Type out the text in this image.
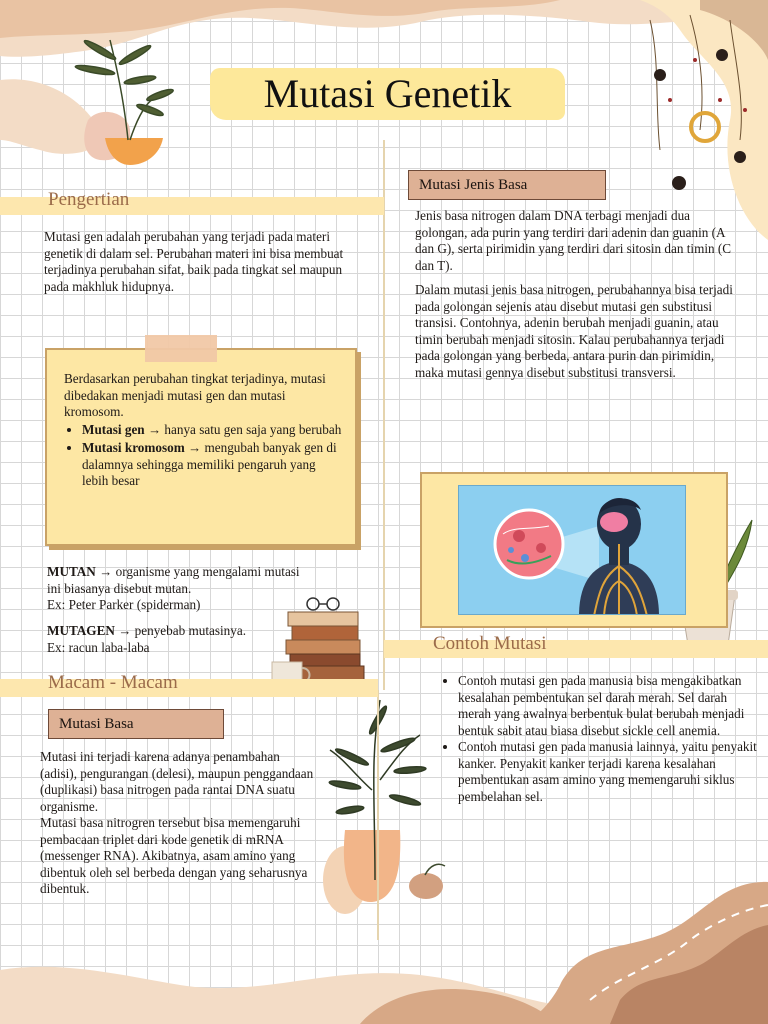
Mutasi Genetik
Pengertian

Mutasi gen adalah perubahan yang terjadi pada materi genetik di dalam sel. Perubahan materi ini bisa membuat terjadinya perubahan sifat, baik pada tingkat sel maupun pada makhluk hidupnya.

Berdasarkan perubahan tingkat terjadinya, mutasi dibedakan menjadi mutasi gen dan mutasi kromosom.

• Mutasi gen → hanya satu gen saja yang berubah
• Mutasi kromosom → mengubah banyak gen di dalamnya sehingga memiliki pengaruh yang lebih besar

MUTAN → organisme yang mengalami mutasi ini biasanya disebut mutan.

Ex: Peter Parker (spiderman)

MUTAGEN → penyebab mutasinya.

Ex: racun laba-laba

Macam - Macam
Mutasi Basa

Mutasi ini terjadi karena adanya penambahan (adisi), pengurangan (delesi), maupun penggandaan (duplikasi) basa nitrogen pada rantai DNA suatu organisme.

Mutasi basa nitrogren tersebut bisa memengaruhi pembacaan triplet dari kode genetik di mRNA (messenger RNA). Akibatnya, asam amino yang dibentuk oleh sel berbeda dengan yang seharusnya dibentuk.

Mutasi Jenis Basa

Jenis basa nitrogen dalam DNA terbagi menjadi dua golongan, ada purin yang terdiri dari adenin dan guanin (A dan G), serta pirimidin yang terdiri dari sitosin dan timin (C dan T).

Dalam mutasi jenis basa nitrogen, perubahannya bisa terjadi pada golongan sejenis atau disebut mutasi gen substitusi transisi. Contohnya, adenin berubah menjadi guanin, atau timin berubah menjadi sitosin. Kalau perubahannya terjadi pada golongan yang berbeda, antara purin dan pirimidin, maka mutasi gennya disebut substitusi transversi.

Contoh Mutasi
• Contoh mutasi gen pada manusia bisa mengakibatkan kesalahan pembentukan sel darah merah. Sel darah merah yang awalnya berbentuk bulat berubah menjadi bentuk sabit atau biasa disebut sickle cell anemia.
• Contoh mutasi gen pada manusia lainnya, yaitu penyakit kanker. Penyakit kanker terjadi karena kesalahan pembentukan asam amino yang memengaruhi siklus pembelahan sel.
